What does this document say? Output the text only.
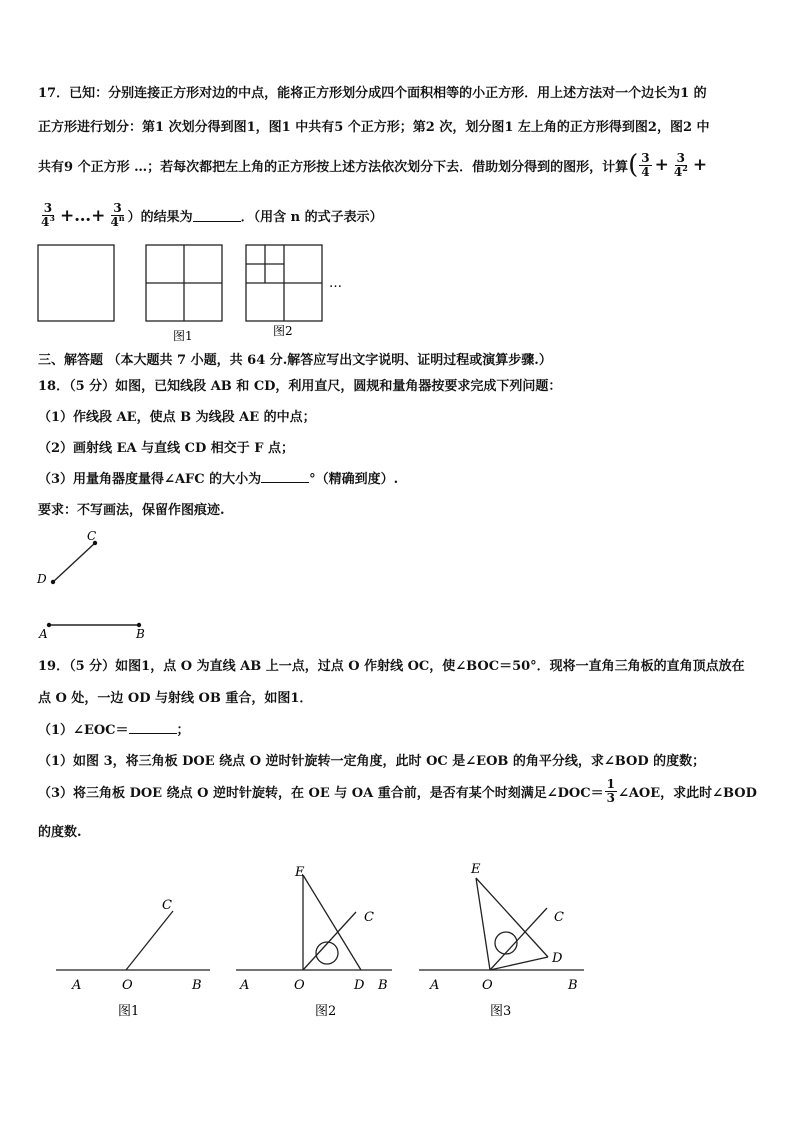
17．已知：分别连接正方形对边的中点，能将正方形划分成四个面积相等的小正方形．用上述方法对一个边长为1 的
正方形进行划分：第1 次划分得到图1，图1 中共有5 个正方形；第2 次，划分图1 左上角的正方形得到图2，图2 中
共有9 个正方形 …；若每次都把左上角的正方形按上述方法依次划分下去．借助划分得到的图形，计算 ( $\frac{3}{4} + \frac{3}{4^2}$ +
$\frac{3}{4^3}$ +…+ $\frac{3}{4^n}$ ）的结果为	．（用含 n 的式子表示）
…
图1	图2
三、解答题 （本大题共 7 小题，共 64 分.解答应写出文字说明、证明过程或演算步骤.）
18．（5 分）如图，已知线段 AB 和 CD，利用直尺，圆规和量角器按要求完成下列问题：
（1）作线段 AE，使点 B 为线段 AE 的中点；
（2）画射线 EA 与直线 CD 相交于 F 点；
（3）用量角器度量得∠AFC 的大小为	°（精确到度）.
要求：不写画法，保留作图痕迹.
C
D
A	B
19．（5 分）如图1，点 O 为直线 AB 上一点，过点 O 作射线 OC，使∠BOC＝50°．现将一直角三角板的直角顶点放在
点 O 处，一边 OD 与射线 OB 重合，如图1．
（1）∠EOC＝	；
（1）如图 3，将三角板 DOE 绕点 O 逆时针旋转一定角度，此时 OC 是∠EOB 的角平分线，求∠BOD 的度数；
（3）将三角板 DOE 绕点 O 逆时针旋转，在 OE 与 OA 重合前，是否有某个时刻满足∠DOC＝ $\frac{1}{3}$ ∠AOE，求此时∠BOD
的度数.
A	O	B
C
图1
E
C
A	O	D B
图2
E
C
D
A	O	B
图3
